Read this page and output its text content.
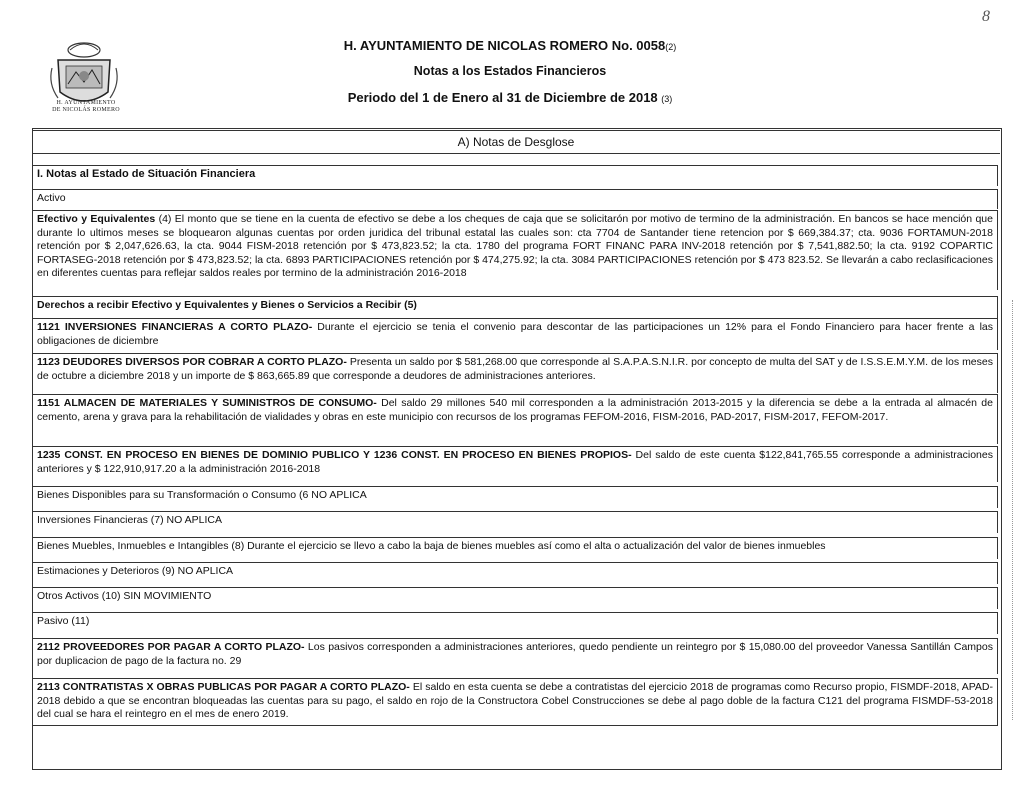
H. AYUNTAMIENTO
DE NICOLÁS ROMERO
8
H. AYUNTAMIENTO DE NICOLAS ROMERO No. 0058(2)
Notas a los Estados Financieros
Periodo del 1 de Enero al 31 de Diciembre de 2018 (3)
A) Notas de Desglose
I. Notas al Estado de Situación Financiera
Activo
Efectivo y Equivalentes (4) El monto que se tiene en la cuenta de efectivo se debe a los cheques de caja que se solicitarón por motivo de termino de la administración. En bancos se hace mención que durante lo ultimos meses se bloquearon algunas cuentas por orden juridica del tribunal estatal las cuales son: cta 7704 de Santander tiene retencion por $ 669,384.37; cta. 9036 FORTAMUN-2018 retención por $ 2,047,626.63, la cta. 9044 FISM-2018 retención por $ 473,823.52; la cta. 1780 del programa FORT FINANC PARA INV-2018 retención por $ 7,541,882.50; la cta. 9192 COPARTIC FORTASEG-2018 retención por $ 473,823.52; la cta. 6893 PARTICIPACIONES retención por $ 474,275.92; la cta. 3084 PARTICIPACIONES retención por $ 473 823.52. Se llevarán a cabo reclasificaciones en diferentes cuentas para reflejar saldos reales por termino de la administración 2016-2018
Derechos a recibir Efectivo y Equivalentes y Bienes o Servicios a Recibir (5)
1121 INVERSIONES FINANCIERAS A CORTO PLAZO- Durante el ejercicio se tenia el convenio para descontar de las participaciones un 12% para el Fondo Financiero para hacer frente a las obligaciones de diciembre
1123 DEUDORES DIVERSOS POR COBRAR A CORTO PLAZO- Presenta un saldo por $ 581,268.00 que corresponde al S.A.P.A.S.N.I.R. por concepto de multa del SAT y de I.S.S.E.M.Y.M. de los meses de octubre a diciembre 2018 y un importe de $ 863,665.89 que corresponde a deudores de administraciones anteriores.
1151 ALMACEN DE MATERIALES Y SUMINISTROS DE CONSUMO- Del saldo 29 millones 540 mil corresponden a la administración 2013-2015 y la diferencia se debe a la entrada al almacén de cemento, arena y grava para la rehabilitación de vialidades y obras en este municipio con recursos de los programas FEFOM-2016, FISM-2016, PAD-2017, FISM-2017, FEFOM-2017.
1235 CONST. EN PROCESO EN BIENES DE DOMINIO PUBLICO Y 1236 CONST. EN PROCESO EN BIENES PROPIOS- Del saldo de este cuenta $122,841,765.55 corresponde a administraciones anteriores y $ 122,910,917.20 a la administración 2016-2018
Bienes Disponibles para su Transformación o Consumo (6 NO APLICA
Inversiones Financieras (7) NO APLICA
Bienes Muebles, Inmuebles e Intangibles (8) Durante el ejercicio se llevo a cabo la baja de bienes muebles así como el alta o actualización del valor de bienes inmuebles
Estimaciones y Deterioros (9) NO APLICA
Otros Activos (10) SIN MOVIMIENTO
Pasivo (11)
2112 PROVEEDORES POR PAGAR A CORTO PLAZO- Los pasivos corresponden a administraciones anteriores, quedo pendiente un reintegro por $ 15,080.00 del proveedor Vanessa Santillán Campos por duplicacion de pago de la factura no. 29
2113 CONTRATISTAS X OBRAS PUBLICAS POR PAGAR A CORTO PLAZO- El saldo en esta cuenta se debe a contratistas del ejercicio 2018 de programas como Recurso propio, FISMDF-2018, APAD-2018 debido a que se encontran bloqueadas las cuentas para su pago, el saldo en rojo de la Constructora Cobel Construcciones se debe al pago doble de la factura C121 del programa FISMDF-53-2018 del cual se hara el reintegro en el mes de enero 2019.
